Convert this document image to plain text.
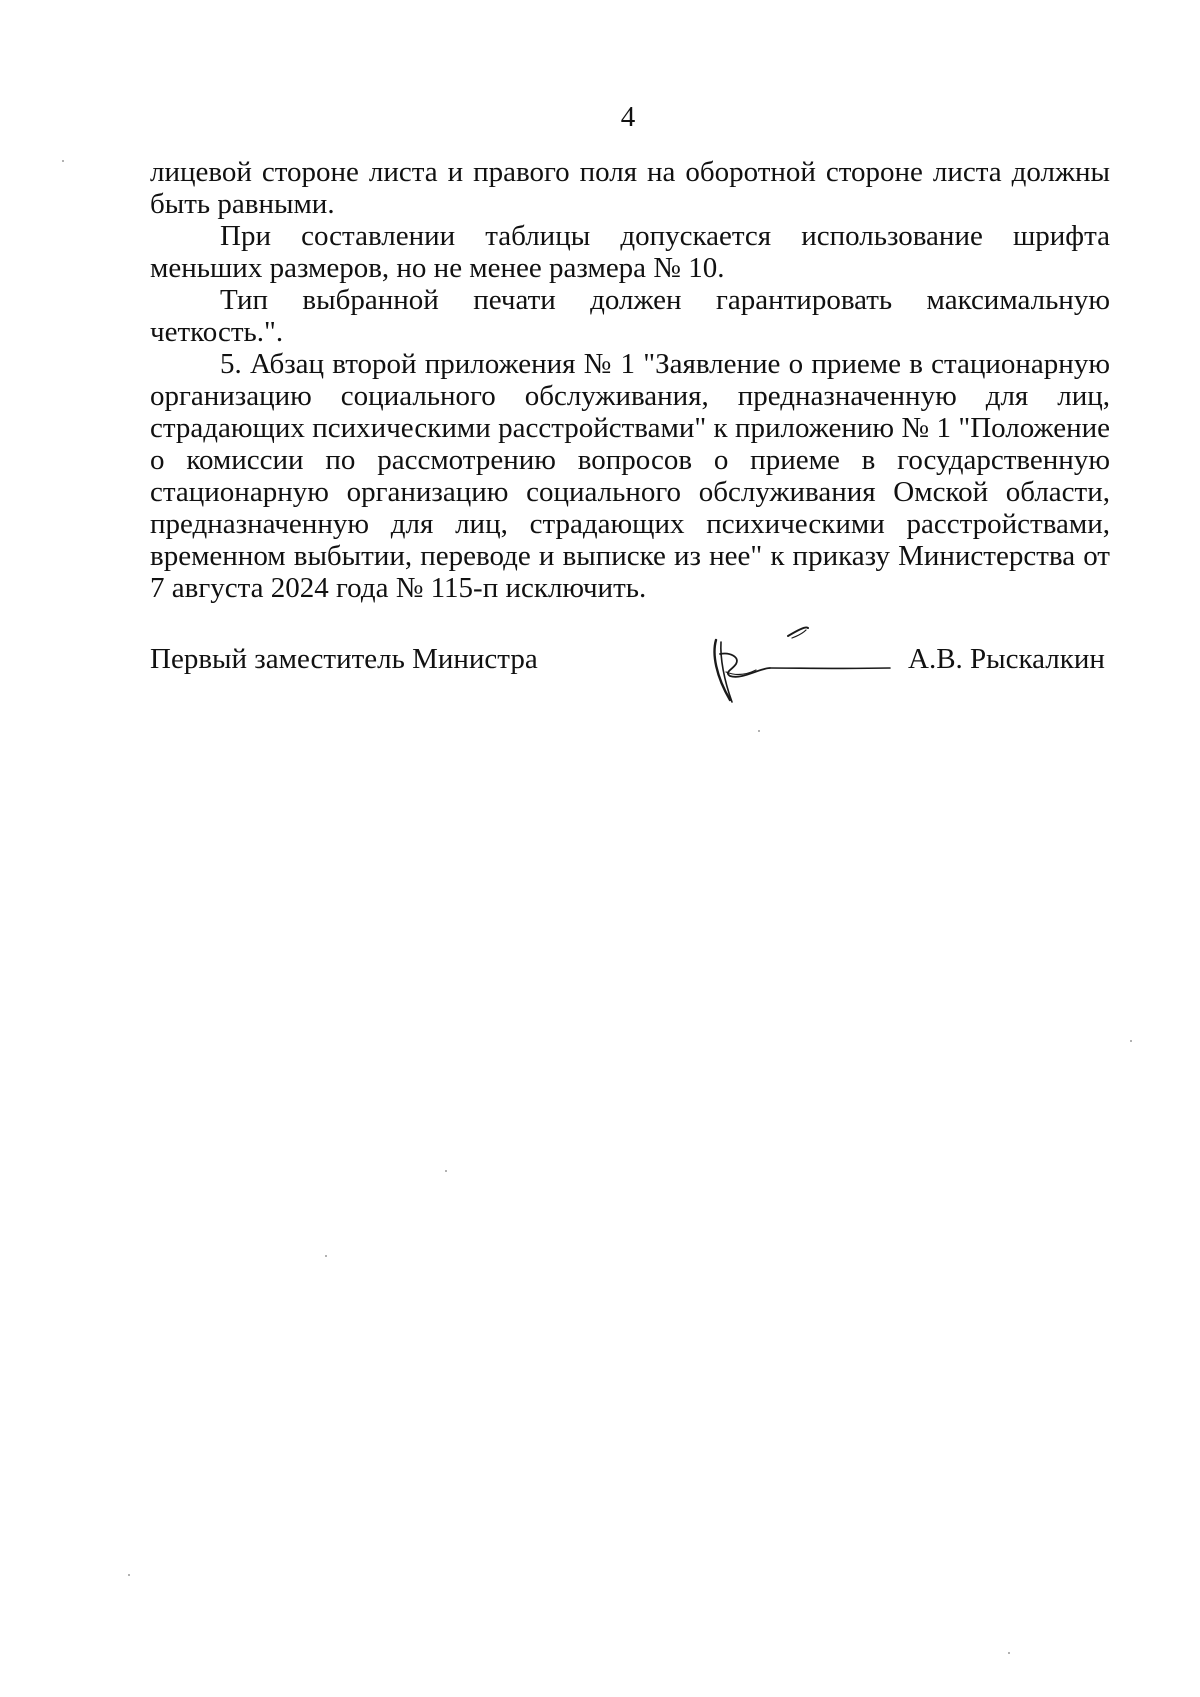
4

лицевой стороне листа и правого поля на оборотной стороне листа должны быть равными.

При составлении таблицы допускается использование шрифта меньших размеров, но не менее размера № 10.

Тип выбранной печати должен гарантировать максимальную четкость.".

5. Абзац второй приложения № 1 "Заявление о приеме в стационарную организацию социального обслуживания, предназначенную для лиц, страдающих психическими расстройствами" к приложению № 1 "Положение о комиссии по рассмотрению вопросов о приеме в государственную стационарную организацию социального обслуживания Омской области, предназначенную для лиц, страдающих психическими расстройствами, временном выбытии, переводе и выписке из нее" к приказу Министерства от 7 августа 2024 года № 115-п исключить.

Первый заместитель Министра	А.В. Рыскалкин
